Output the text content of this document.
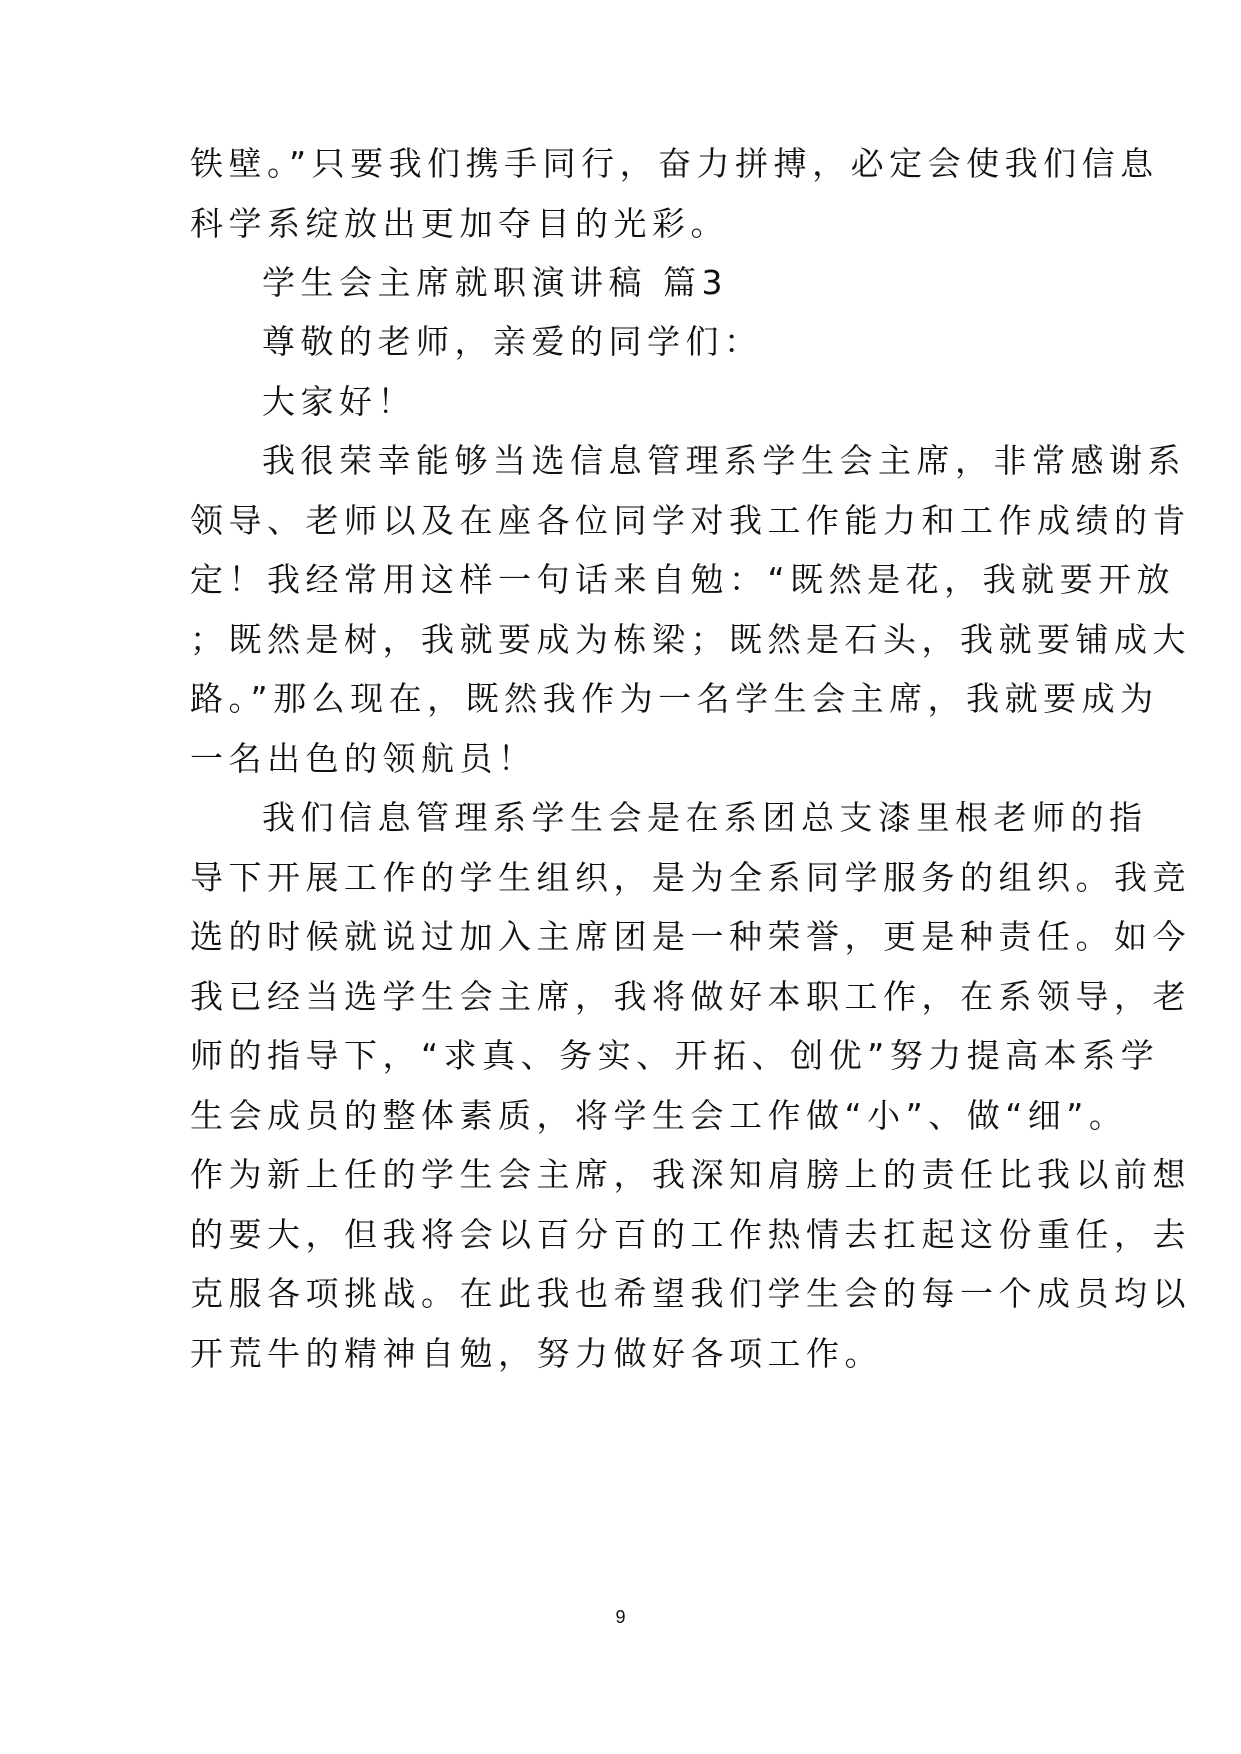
铁壁。”只要我们携手同行，奋力拼搏，必定会使我们信息
科学系绽放出更加夺目的光彩。
学生会主席就职演讲稿 篇3
尊敬的老师，亲爱的同学们：
大家好！
我很荣幸能够当选信息管理系学生会主席，非常感谢系
领导、老师以及在座各位同学对我工作能力和工作成绩的肯
定！我经常用这样一句话来自勉：“既然是花，我就要开放
；既然是树，我就要成为栋梁；既然是石头，我就要铺成大
路。”那么现在，既然我作为一名学生会主席，我就要成为
一名出色的领航员！
我们信息管理系学生会是在系团总支漆里根老师的指
导下开展工作的学生组织，是为全系同学服务的组织。我竞
选的时候就说过加入主席团是一种荣誉，更是种责任。如今
我已经当选学生会主席，我将做好本职工作，在系领导，老
师的指导下，“求真、务实、开拓、创优”努力提高本系学
生会成员的整体素质，将学生会工作做“小”、做“细”。
作为新上任的学生会主席，我深知肩膀上的责任比我以前想
的要大，但我将会以百分百的工作热情去扛起这份重任，去
克服各项挑战。在此我也希望我们学生会的每一个成员均以
开荒牛的精神自勉，努力做好各项工作。
9
